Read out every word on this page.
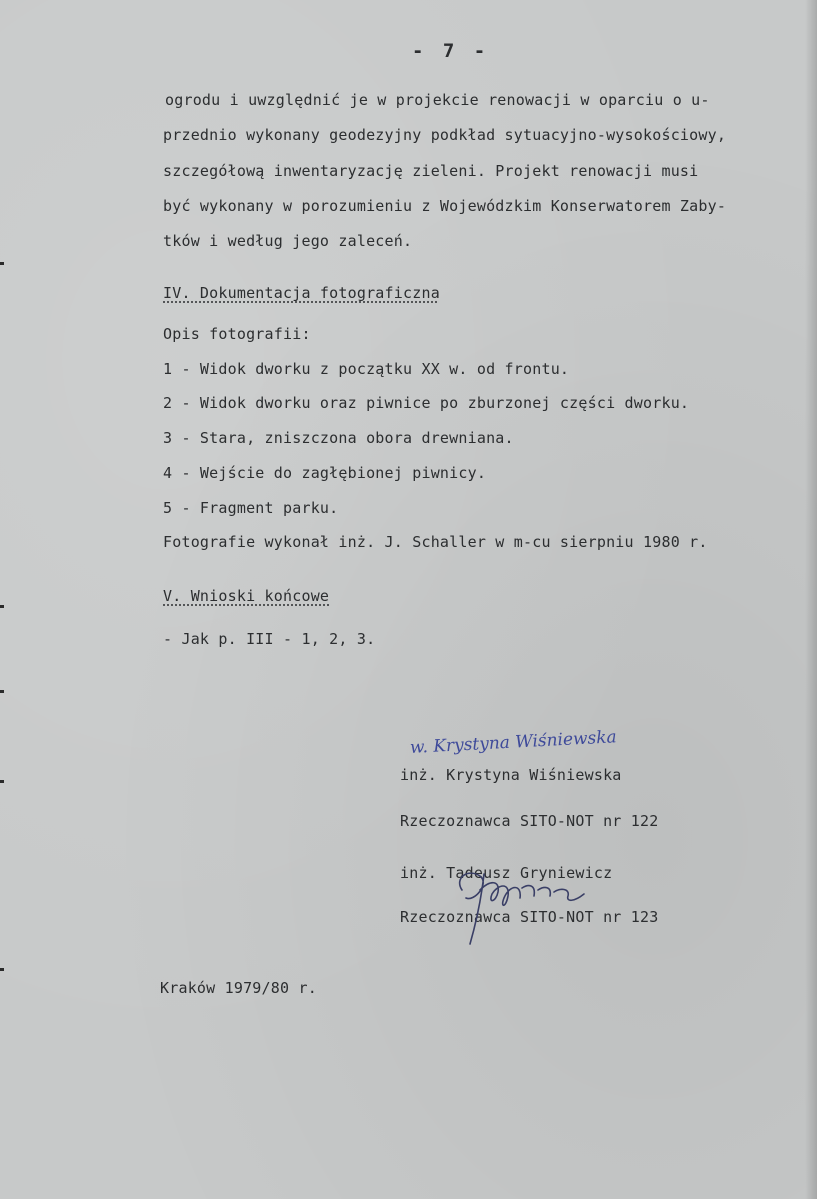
- 7 -
ogrodu i uwzględnić je w projekcie renowacji w oparciu o u-
przednio wykonany geodezyjny podkład sytuacyjno-wysokościowy,
szczegółową inwentaryzację zieleni. Projekt renowacji musi
być wykonany w porozumieniu z Wojewódzkim Konserwatorem Zaby-
tków i według jego zaleceń.
IV. Dokumentacja fotograficzna
Opis fotografii:
1 - Widok dworku z początku XX w. od frontu.
2 - Widok dworku oraz piwnice po zburzonej części dworku.
3 - Stara, zniszczona obora drewniana.
4 - Wejście do zagłębionej piwnicy.
5 - Fragment parku.
Fotografie wykonał inż. J. Schaller w m-cu sierpniu 1980 r.
V. Wnioski końcowe
- Jak p. III - 1, 2, 3.
w. Krystyna Wiśniewska
inż. Krystyna Wiśniewska
Rzeczoznawca SITO-NOT nr 122
inż. Tadeusz Gryniewicz
Rzeczoznawca SITO-NOT nr 123
Kraków 1979/80 r.
